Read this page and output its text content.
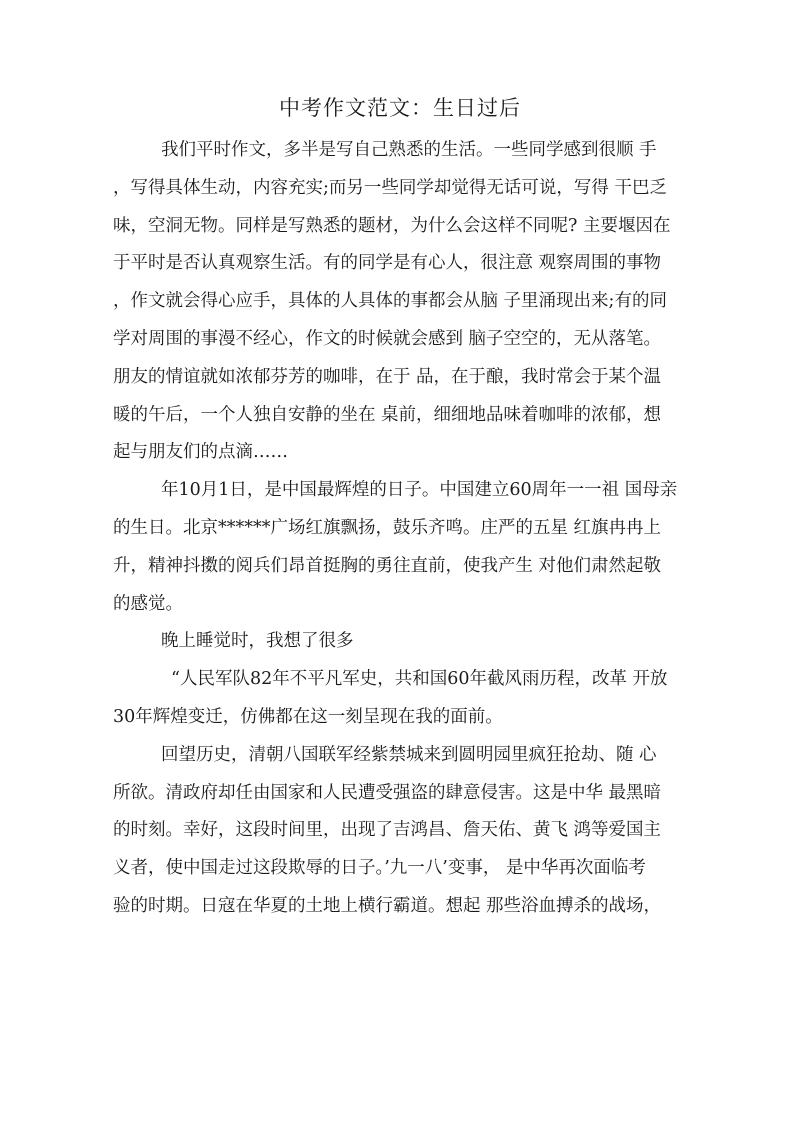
中考作文范文：生日过后

我们平时作文，多半是写自己熟悉的生活。一些同学感到很顺 手
，写得具体生动，内容充实;而另一些同学却觉得无话可说，写得 干巴乏
味，空洞无物。同样是写熟悉的题材，为什么会这样不同呢? 主要堰因在
于平时是否认真观察生活。有的同学是有心人，很注意 观察周围的事物
，作文就会得心应手，具体的人具体的事都会从脑 子里涌现出来;有的同
学对周围的事漫不经心，作文的时候就会感到 脑子空空的，无从落笔。
朋友的情谊就如浓郁芬芳的咖啡，在于 品，在于酿，我时常会于某个温
暖的午后，一个人独自安静的坐在 桌前，细细地品味着咖啡的浓郁，想
起与朋友们的点滴……

年10月1日，是中国最辉煌的日子。中国建立60周年一一祖 国母亲
的生日。北京******广场红旗飘扬，鼓乐齐鸣。庄严的五星 红旗冉冉上
升，精神抖擞的阅兵们昂首挺胸的勇往直前，使我产生 对他们肃然起敬
的感觉。

晚上睡觉时，我想了很多

“人民军队82年不平凡军史，共和国60年截风雨历程，改革 开放
30年辉煌变迁，仿佛都在这一刻呈现在我的面前。

回望历史，清朝八国联军经紫禁城来到圆明园里疯狂抢劫、随 心
所欲。清政府却任由国家和人民遭受强盗的肆意侵害。这是中华 最黑暗
的时刻。幸好，这段时间里，出现了吉鸿昌、詹天佑、黄飞 鸿等爱国主
义者，使中国走过这段欺辱的日子。’九一八’变事， 是中华再次面临考
验的时期。日寇在华夏的土地上横行霸道。想起 那些浴血搏杀的战场，
